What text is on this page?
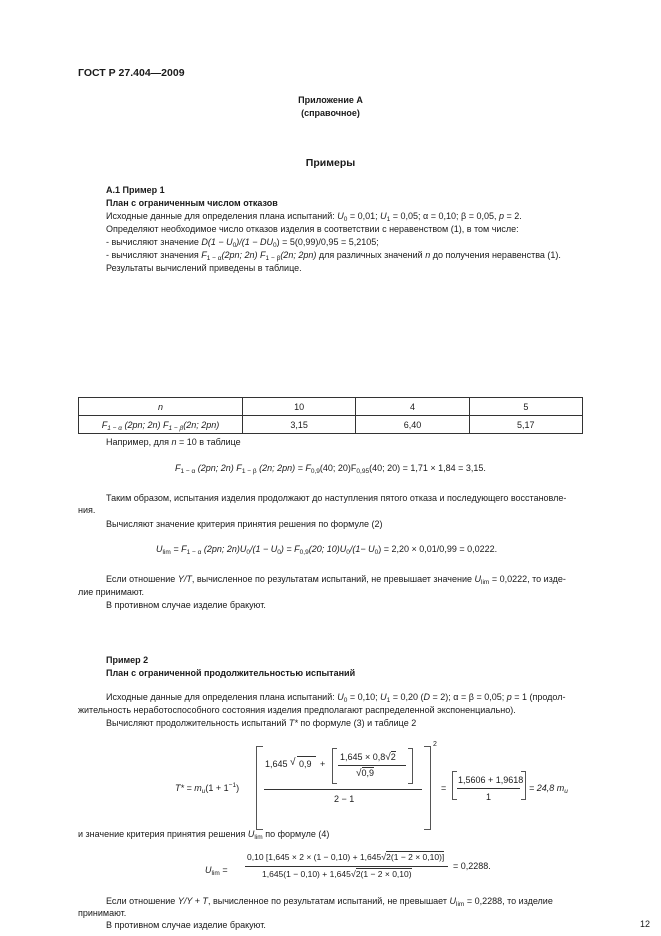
ГОСТ Р 27.404—2009
Приложение А
(справочное)
Примеры
А.1 Пример 1
План с ограниченным числом отказов
Исходные данные для определения плана испытаний: $U_0 = 0,01$; $U_1 = 0,05$; α = 0,10; β = 0,05, p = 2.
Определяют необходимое число отказов изделия в соответствии с неравенством (1), в том числе:
- вычисляют значение $D(1 - U_0)/(1 - DU_0) = 5(0,99)/0,95 = 5,2105$;
- вычисляют значения $F_{1 - \alpha}(2pn$; 2n) $F_{1 - \beta}(2n$; 2pn) для различных значений n до получения неравенства (1).
Результаты вычислений приведены в таблице.
n	10	4	5
$F_{1 - \alpha}$ (2pn; 2n) $F_{1 - \beta}(2n$; 2pn)	3,15	6,40	5,17
Например, для n = 10 в таблице
$F_{1 - \alpha}$ (2pn; 2n) $F_{1 - \beta}$ (2n; $2pn) = F_{0,9}(40$; $20)F_{0,95}(40$; 20) = 1,71 × 1,84 = 3,15.
Таким образом, испытания изделия продолжают до наступления пятого отказа и последующего восстановле-
ния.
Вычисляют значение критерия принятия решения по формуле (2)
$U_{lim} = F_{1 - \alpha}$ (2pn; $2n)U_0/(1 - U_0) = F_{0,9}(20$; $10)U_0/(1- U_0) = 2,20 \times 0,01/0,99 = 0,0222$.
Если отношение Y/T, вычисленное по результатам испытаний, не превышает значение $U_{lim} = 0,0222$, то изде-
лие принимают.
В противном случае изделие бракуют.
Пример 2
План с ограниченной продолжительностью испытаний
Исходные данные для определения плана испытаний: $U_0 = 0,10$; $U_1 = 0,20$ (D = 2); α = β = 0,05; p = 1 (продол-
жительность неработоспособного состояния изделия предполагают распределенной экспоненциально).
Вычисляют продолжительность испытаний T* по формуле (3) и таблице 2
$T* = m_u(1 + 1^{-1})$
2
1,645 √ 0,9 +
1,645 × 0,8√2
√0,9
2 − 1
=
1,5606 + 1,9618
1
= 24,8 $m_u$
и значение критерия принятия решения $U_{lim}$ по формуле (4)
$U_{lim}$ =
0,10 [1,645 × 2 × (1 − 0,10) + 1,645√2(1 − 2 × 0,10)]
1,645(1 − 0,10) + 1,645√2(1 − 2 × 0,10)
= 0,2288.
Если отношение Y/Y + T, вычисленное по результатам испытаний, не превышает $U_{lim} = 0,2288$, то изделие
принимают.
В противном случае изделие бракуют.	12
